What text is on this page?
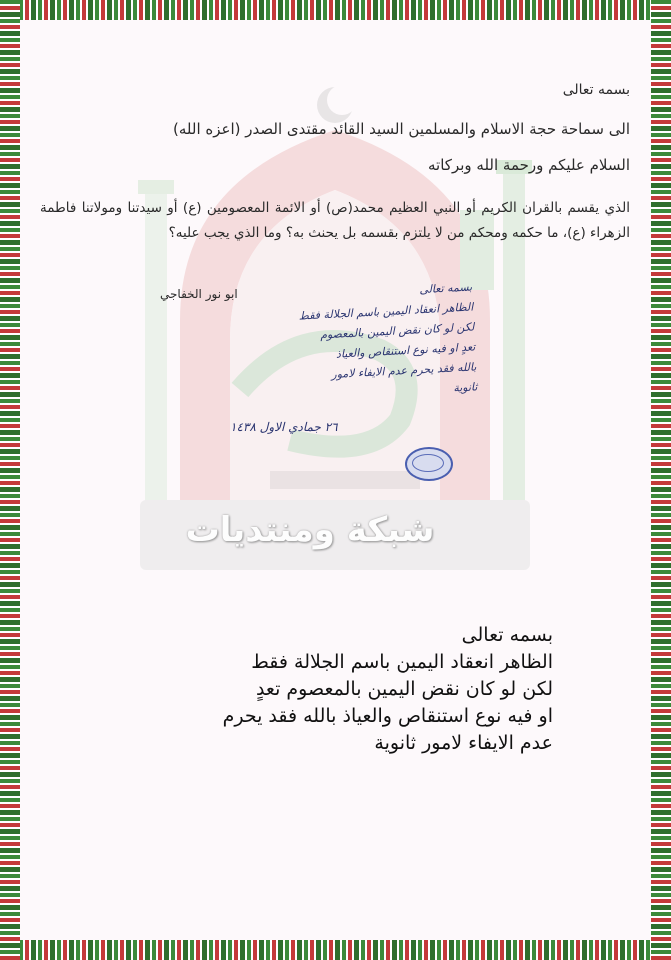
شبكة ومنتديات
بسمه تعالى
الى سماحة حجة الاسلام والمسلمين السيد القائد مقتدى الصدر (اعزه الله)
السلام عليكم ورحمة الله وبركاته
الذي يقسم بالقران الكريم أو النبي العظيم محمد(ص) أو الائمة المعصومين (ع) أو سيدتنا ومولاتنا فاطمة الزهراء (ع)، ما حكمه ومحكم من لا يلتزم بقسمه بل يحنث به؟ وما الذي يجب عليه؟
ابو نور الخفاجي	بسمه تعالى
الظاهر انعقاد اليمين باسم الجلالة فقط
لكن لو كان نقض اليمين بالمعصوم
تعدٍ او فيه نوع استنقاص والعياذ
بالله فقد يحرم عدم الايفاء لامور
ثانوية
٢٦ جمادي الاول ١٤٣٨
بسمه تعالى
الظاهر انعقاد اليمين باسم الجلالة فقط
لكن لو كان نقض اليمين بالمعصوم تعدٍ
او فيه نوع استنقاص والعياذ بالله فقد يحرم
عدم الايفاء لامور ثانوية
